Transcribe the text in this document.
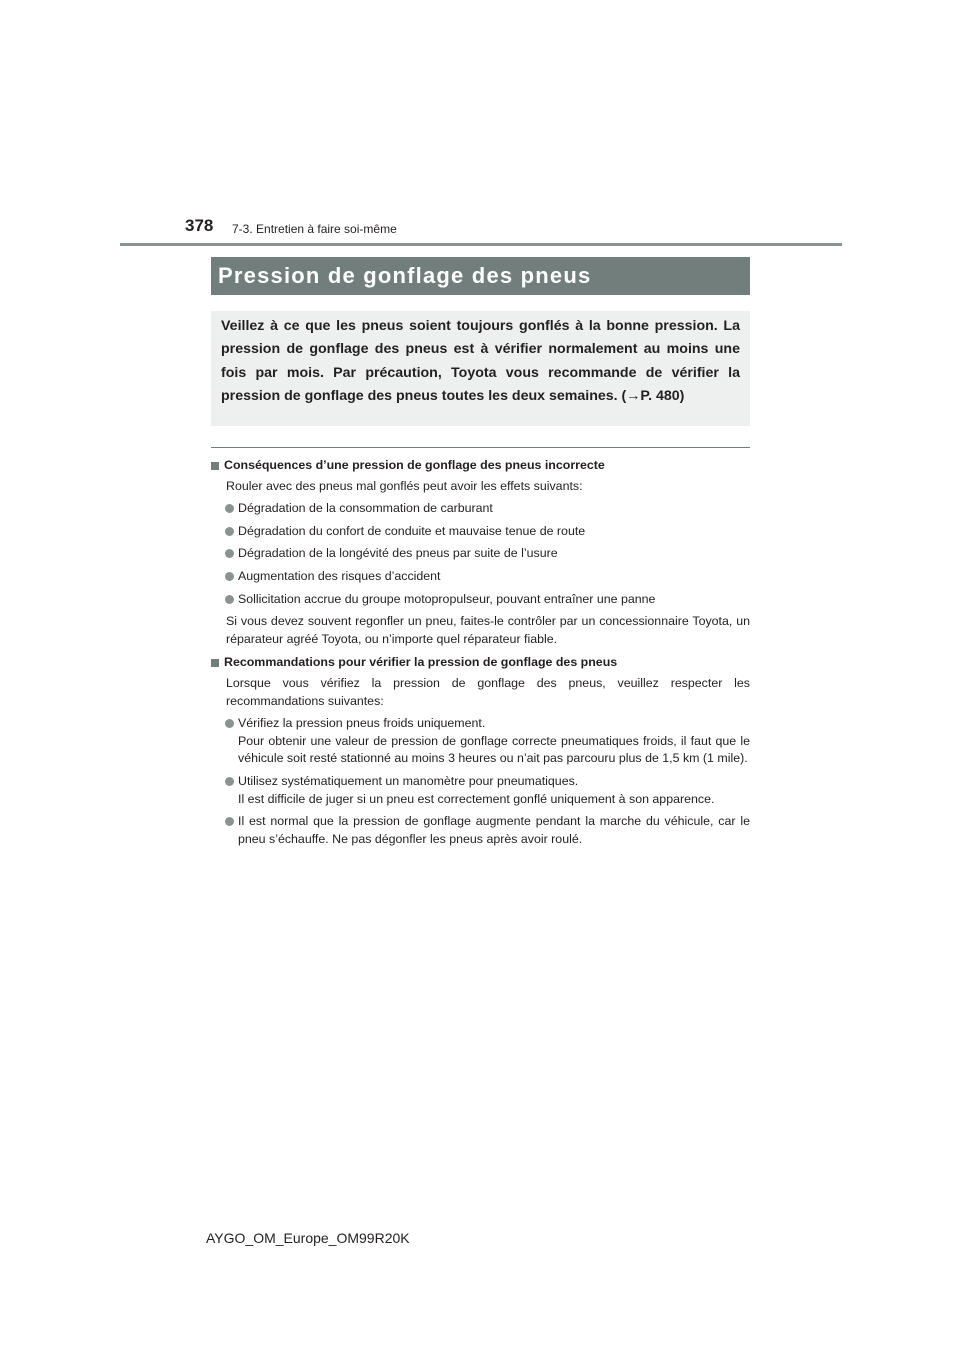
378 7-3. Entretien à faire soi-même
Pression de gonflage des pneus

Veillez à ce que les pneus soient toujours gonflés à la bonne pression. La pression de gonflage des pneus est à vérifier normalement au moins une fois par mois. Par précaution, Toyota vous recommande de vérifier la pression de gonflage des pneus toutes les deux semaines. (→P. 480)

Conséquences d’une pression de gonflage des pneus incorrecte

Rouler avec des pneus mal gonflés peut avoir les effets suivants:

Dégradation de la consommation de carburant
Dégradation du confort de conduite et mauvaise tenue de route
Dégradation de la longévité des pneus par suite de l’usure
Augmentation des risques d’accident
Sollicitation accrue du groupe motopropulseur, pouvant entraîner une panne

Si vous devez souvent regonfler un pneu, faites-le contrôler par un concessionnaire Toyota, un réparateur agréé Toyota, ou n’importe quel réparateur fiable.

Recommandations pour vérifier la pression de gonflage des pneus

Lorsque vous vérifiez la pression de gonflage des pneus, veuillez respecter les recommandations suivantes:

Vérifiez la pression pneus froids uniquement.
Pour obtenir une valeur de pression de gonflage correcte pneumatiques froids, il faut que le véhicule soit resté stationné au moins 3 heures ou n’ait pas parcouru plus de 1,5 km (1 mile).
Utilisez systématiquement un manomètre pour pneumatiques.
Il est difficile de juger si un pneu est correctement gonflé uniquement à son apparence.
Il est normal que la pression de gonflage augmente pendant la marche du véhicule, car le pneu s’échauffe. Ne pas dégonfler les pneus après avoir roulé.
AYGO_OM_Europe_OM99R20K
